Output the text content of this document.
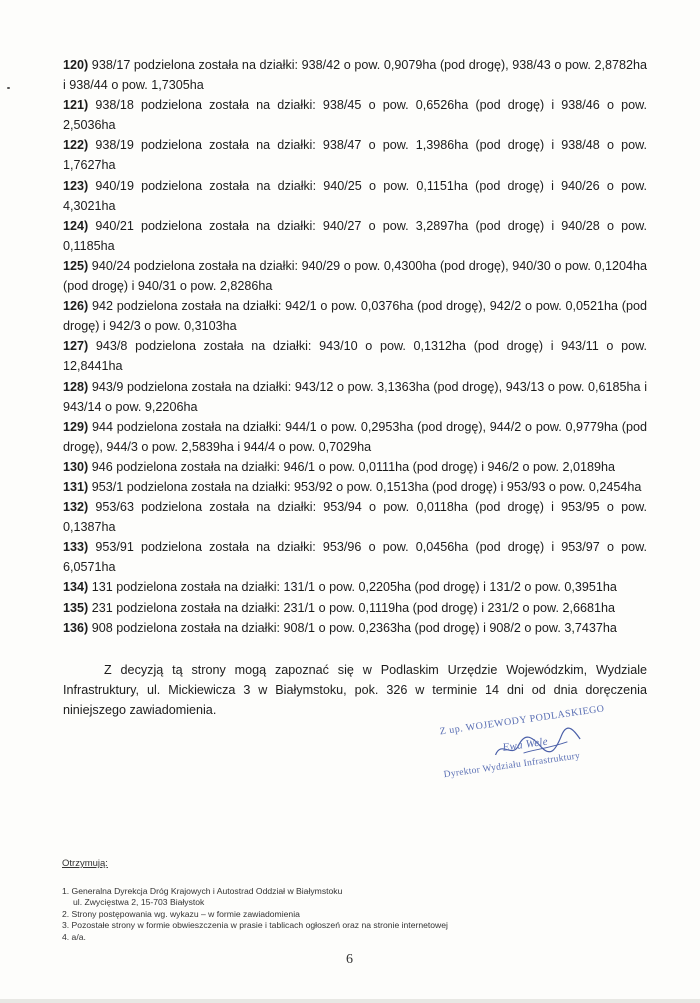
120) 938/17 podzielona została na działki: 938/42 o pow. 0,9079ha (pod drogę), 938/43 o pow. 2,8782ha i 938/44 o pow. 1,7305ha
121) 938/18 podzielona została na działki: 938/45 o pow. 0,6526ha (pod drogę) i 938/46 o pow. 2,5036ha
122) 938/19 podzielona została na działki: 938/47 o pow. 1,3986ha (pod drogę) i 938/48 o pow. 1,7627ha
123) 940/19 podzielona została na działki: 940/25 o pow. 0,1151ha (pod drogę) i 940/26 o pow. 4,3021ha
124) 940/21 podzielona została na działki: 940/27 o pow. 3,2897ha (pod drogę) i 940/28 o pow. 0,1185ha
125) 940/24 podzielona została na działki: 940/29 o pow. 0,4300ha (pod drogę), 940/30 o pow. 0,1204ha (pod drogę) i 940/31 o pow. 2,8286ha
126) 942 podzielona została na działki: 942/1 o pow. 0,0376ha (pod drogę), 942/2 o pow. 0,0521ha (pod drogę) i 942/3 o pow. 0,3103ha
127) 943/8 podzielona została na działki: 943/10 o pow. 0,1312ha (pod drogę) i 943/11 o pow. 12,8441ha
128) 943/9 podzielona została na działki: 943/12 o pow. 3,1363ha (pod drogę), 943/13 o pow. 0,6185ha i 943/14 o pow. 9,2206ha
129) 944 podzielona została na działki: 944/1 o pow. 0,2953ha (pod drogę), 944/2 o pow. 0,9779ha (pod drogę), 944/3 o pow. 2,5839ha i 944/4 o pow. 0,7029ha
130) 946 podzielona została na działki: 946/1 o pow. 0,0111ha (pod drogę) i 946/2 o pow. 2,0189ha
131) 953/1 podzielona została na działki: 953/92 o pow. 0,1513ha (pod drogę) i 953/93 o pow. 0,2454ha
132) 953/63 podzielona została na działki: 953/94 o pow. 0,0118ha (pod drogę) i 953/95 o pow. 0,1387ha
133) 953/91 podzielona została na działki: 953/96 o pow. 0,0456ha (pod drogę) i 953/97 o pow. 6,0571ha
134) 131 podzielona została na działki: 131/1 o pow. 0,2205ha (pod drogę) i 131/2 o pow. 0,3951ha
135) 231 podzielona została na działki: 231/1 o pow. 0,1119ha (pod drogę) i 231/2 o pow. 2,6681ha
136) 908 podzielona została na działki: 908/1 o pow. 0,2363ha (pod drogę) i 908/2 o pow. 3,7437ha
Z decyzją tą strony mogą zapoznać się w Podlaskim Urzędzie Wojewódzkim, Wydziale Infrastruktury, ul. Mickiewicza 3 w Białymstoku, pok. 326 w terminie 14 dni od dnia doręczenia niniejszego zawiadomienia.	Z up. WOJEWODY PODLASKIEGO
Ewa Wele
Dyrektor Wydziału Infrastruktury
Otrzymują:
1. Generalna Dyrekcja Dróg Krajowych i Autostrad Oddział w Białymstoku
ul. Zwycięstwa 2, 15-703 Białystok
2. Strony postępowania wg. wykazu – w formie zawiadomienia
3. Pozostałe strony w formie obwieszczenia w prasie i tablicach ogłoszeń oraz na stronie internetowej
4. a/a.
6
